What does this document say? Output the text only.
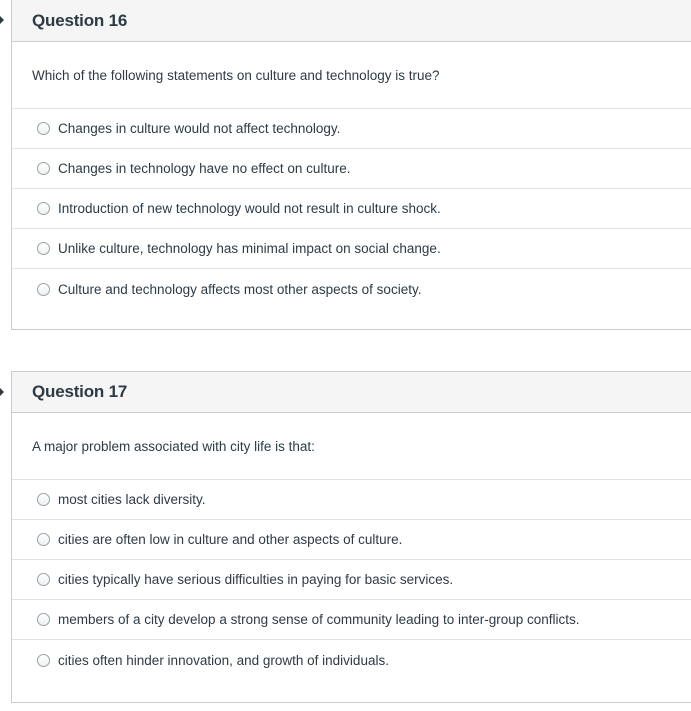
Question 16
Which of the following statements on culture and technology is true?
Changes in culture would not affect technology.
Changes in technology have no effect on culture.
Introduction of new technology would not result in culture shock.
Unlike culture, technology has minimal impact on social change.
Culture and technology affects most other aspects of society.
Question 17
A major problem associated with city life is that:
most cities lack diversity.
cities are often low in culture and other aspects of culture.
cities typically have serious difficulties in paying for basic services.
members of a city develop a strong sense of community leading to inter-group conflicts.
cities often hinder innovation, and growth of individuals.
